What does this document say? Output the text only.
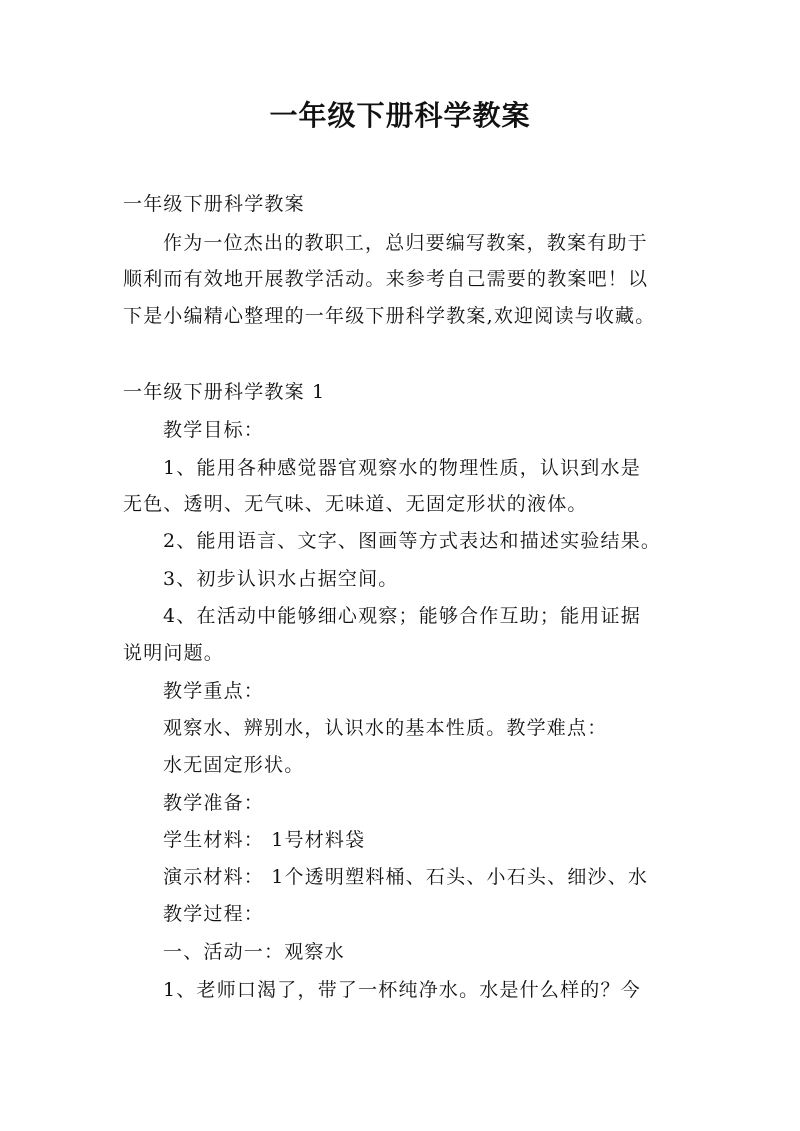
一年级下册科学教案
一年级下册科学教案
作为一位杰出的教职工，总归要编写教案，教案有助于
顺利而有效地开展教学活动。来参考自己需要的教案吧！以
下是小编精心整理的一年级下册科学教案,欢迎阅读与收藏。
一年级下册科学教案 1
教学目标：
1、能用各种感觉器官观察水的物理性质，认识到水是
无色、透明、无气味、无味道、无固定形状的液体。
2、能用语言、文字、图画等方式表达和描述实验结果。
3、初步认识水占据空间。
4、在活动中能够细心观察；能够合作互助；能用证据
说明问题。
教学重点：
观察水、辨别水，认识水的基本性质。教学难点：
水无固定形状。
教学准备：
学生材料： 1号材料袋
演示材料： 1个透明塑料桶、石头、小石头、细沙、水
教学过程：
一、活动一：观察水
1、老师口渴了，带了一杯纯净水。水是什么样的？今
